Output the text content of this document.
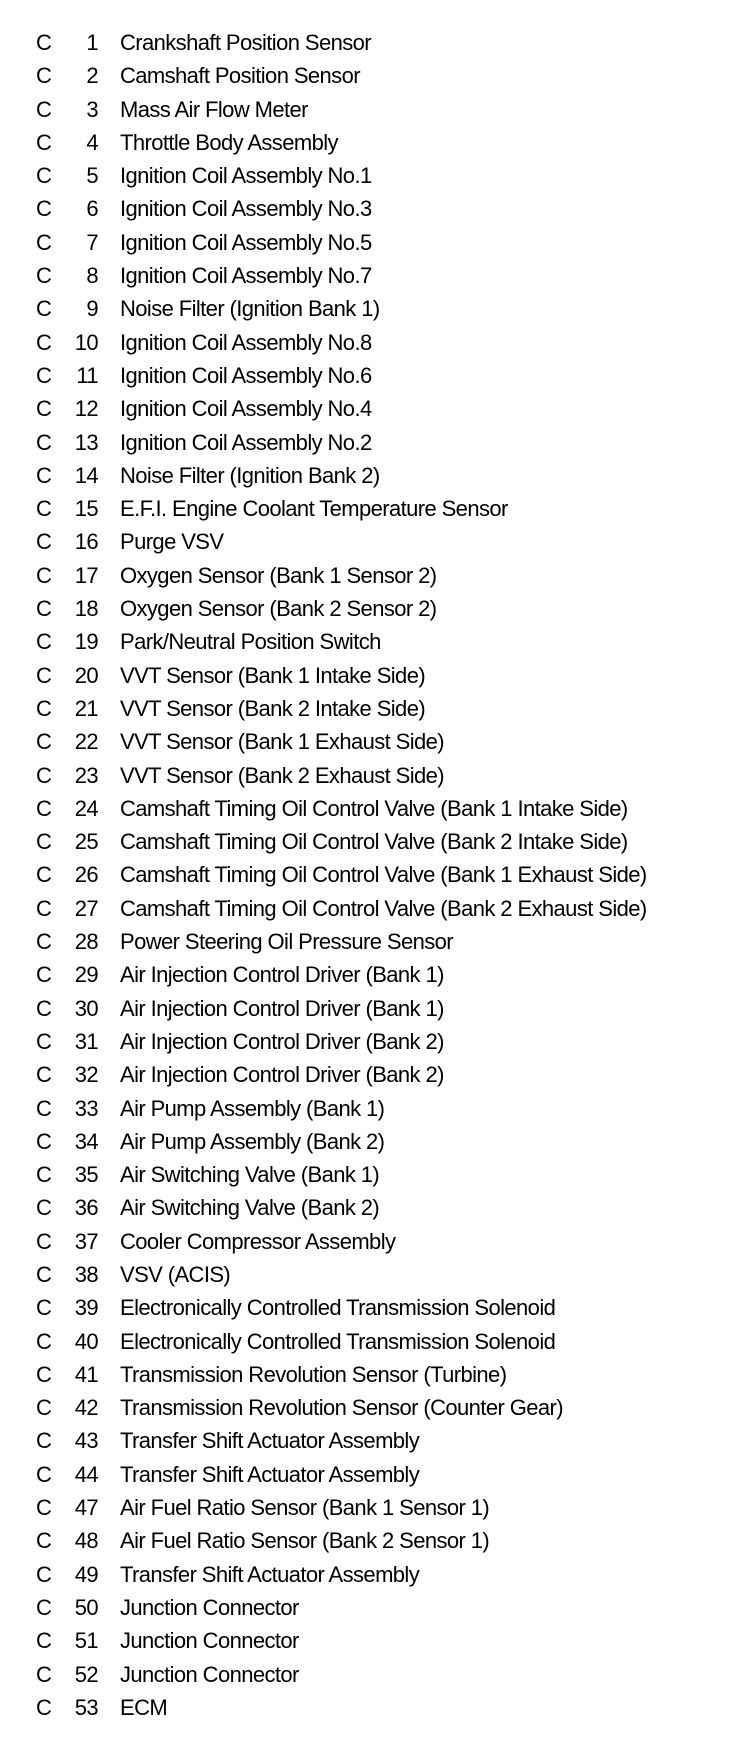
C	1 Crankshaft Position Sensor
C	2 Camshaft Position Sensor
C	3 Mass Air Flow Meter
C	4 Throttle Body Assembly
C	5 Ignition Coil Assembly No.1
C	6 Ignition Coil Assembly No.3
C	7 Ignition Coil Assembly No.5
C	8 Ignition Coil Assembly No.7
C	9 Noise Filter (Ignition Bank 1)
C	10 Ignition Coil Assembly No.8
C	11 Ignition Coil Assembly No.6
C	12 Ignition Coil Assembly No.4
C	13 Ignition Coil Assembly No.2
C	14 Noise Filter (Ignition Bank 2)
C	15 E.F.I. Engine Coolant Temperature Sensor
C	16 Purge VSV
C	17 Oxygen Sensor (Bank 1 Sensor 2)
C	18 Oxygen Sensor (Bank 2 Sensor 2)
C	19 Park/Neutral Position Switch
C	20 VVT Sensor (Bank 1 Intake Side)
C	21 VVT Sensor (Bank 2 Intake Side)
C	22 VVT Sensor (Bank 1 Exhaust Side)
C	23 VVT Sensor (Bank 2 Exhaust Side)
C	24 Camshaft Timing Oil Control Valve (Bank 1 Intake Side)
C	25 Camshaft Timing Oil Control Valve (Bank 2 Intake Side)
C	26 Camshaft Timing Oil Control Valve (Bank 1 Exhaust Side)
C	27 Camshaft Timing Oil Control Valve (Bank 2 Exhaust Side)
C	28 Power Steering Oil Pressure Sensor
C	29 Air Injection Control Driver (Bank 1)
C	30 Air Injection Control Driver (Bank 1)
C	31 Air Injection Control Driver (Bank 2)
C	32 Air Injection Control Driver (Bank 2)
C	33 Air Pump Assembly (Bank 1)
C	34 Air Pump Assembly (Bank 2)
C	35 Air Switching Valve (Bank 1)
C	36 Air Switching Valve (Bank 2)
C	37 Cooler Compressor Assembly
C	38 VSV (ACIS)
C	39 Electronically Controlled Transmission Solenoid
C	40 Electronically Controlled Transmission Solenoid
C	41 Transmission Revolution Sensor (Turbine)
C	42 Transmission Revolution Sensor (Counter Gear)
C	43 Transfer Shift Actuator Assembly
C	44 Transfer Shift Actuator Assembly
C	47 Air Fuel Ratio Sensor (Bank 1 Sensor 1)
C	48 Air Fuel Ratio Sensor (Bank 2 Sensor 1)
C	49 Transfer Shift Actuator Assembly
C	50 Junction Connector
C	51 Junction Connector
C	52 Junction Connector
C	53 ECM
